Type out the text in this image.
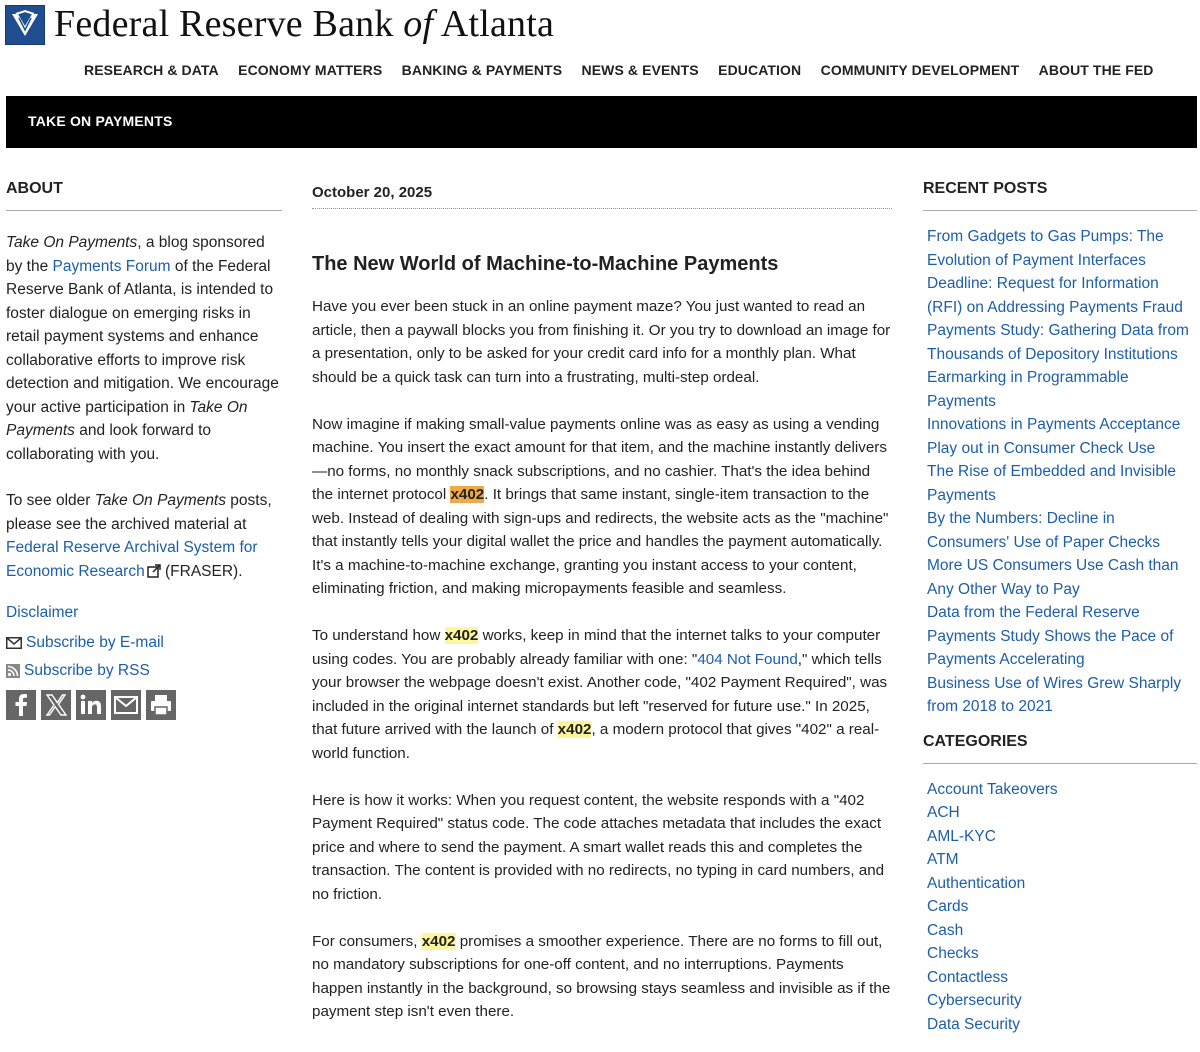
Federal Reserve Bank of Atlanta
RESEARCH & DATA ECONOMY MATTERS BANKING & PAYMENTS NEWS & EVENTS EDUCATION COMMUNITY DEVELOPMENT ABOUT THE FED
TAKE ON PAYMENTS
ABOUT

Take On Payments, a blog sponsored by the Payments Forum of the Federal Reserve Bank of Atlanta, is intended to foster dialogue on emerging risks in retail payment systems and enhance collaborative efforts to improve risk detection and mitigation. We encourage your active participation in Take On Payments and look forward to collaborating with you.

To see older Take On Payments posts, please see the archived material at Federal Reserve Archival System for Economic Research (FRASER).

Disclaimer
Subscribe by E-mail
Subscribe by RSS
October 20, 2025
The New World of Machine-to-Machine Payments

Have you ever been stuck in an online payment maze? You just wanted to read an article, then a paywall blocks you from finishing it. Or you try to download an image for a presentation, only to be asked for your credit card info for a monthly plan. What should be a quick task can turn into a frustrating, multi-step ordeal.

Now imagine if making small-value payments online was as easy as using a vending machine. You insert the exact amount for that item, and the machine instantly delivers—no forms, no monthly snack subscriptions, and no cashier. That's the idea behind the internet protocol x402. It brings that same instant, single-item transaction to the web. Instead of dealing with sign-ups and redirects, the website acts as the "machine" that instantly tells your digital wallet the price and handles the payment automatically. It's a machine-to-machine exchange, granting you instant access to your content, eliminating friction, and making micropayments feasible and seamless.

To understand how x402 works, keep in mind that the internet talks to your computer using codes. You are probably already familiar with one: "404 Not Found," which tells your browser the webpage doesn't exist. Another code, "402 Payment Required", was included in the original internet standards but left "reserved for future use." In 2025, that future arrived with the launch of x402, a modern protocol that gives "402" a real-world function.

Here is how it works: When you request content, the website responds with a "402 Payment Required" status code. The code attaches metadata that includes the exact price and where to send the payment. A smart wallet reads this and completes the transaction. The content is provided with no redirects, no typing in card numbers, and no friction.

For consumers, x402 promises a smoother experience. There are no forms to fill out, no mandatory subscriptions for one-off content, and no interruptions. Payments happen instantly in the background, so browsing stays seamless and invisible as if the payment step isn't even there.

RECENT POSTS
From Gadgets to Gas Pumps: The Evolution of Payment Interfaces
Deadline: Request for Information (RFI) on Addressing Payments Fraud
Payments Study: Gathering Data from Thousands of Depository Institutions
Earmarking in Programmable Payments
Innovations in Payments Acceptance Play out in Consumer Check Use
The Rise of Embedded and Invisible Payments
By the Numbers: Decline in Consumers' Use of Paper Checks
More US Consumers Use Cash than Any Other Way to Pay
Data from the Federal Reserve Payments Study Shows the Pace of Payments Accelerating
Business Use of Wires Grew Sharply from 2018 to 2021
CATEGORIES
Account Takeovers
ACH
AML-KYC
ATM
Authentication
Cards
Cash
Checks
Contactless
Cybersecurity
Data Security
